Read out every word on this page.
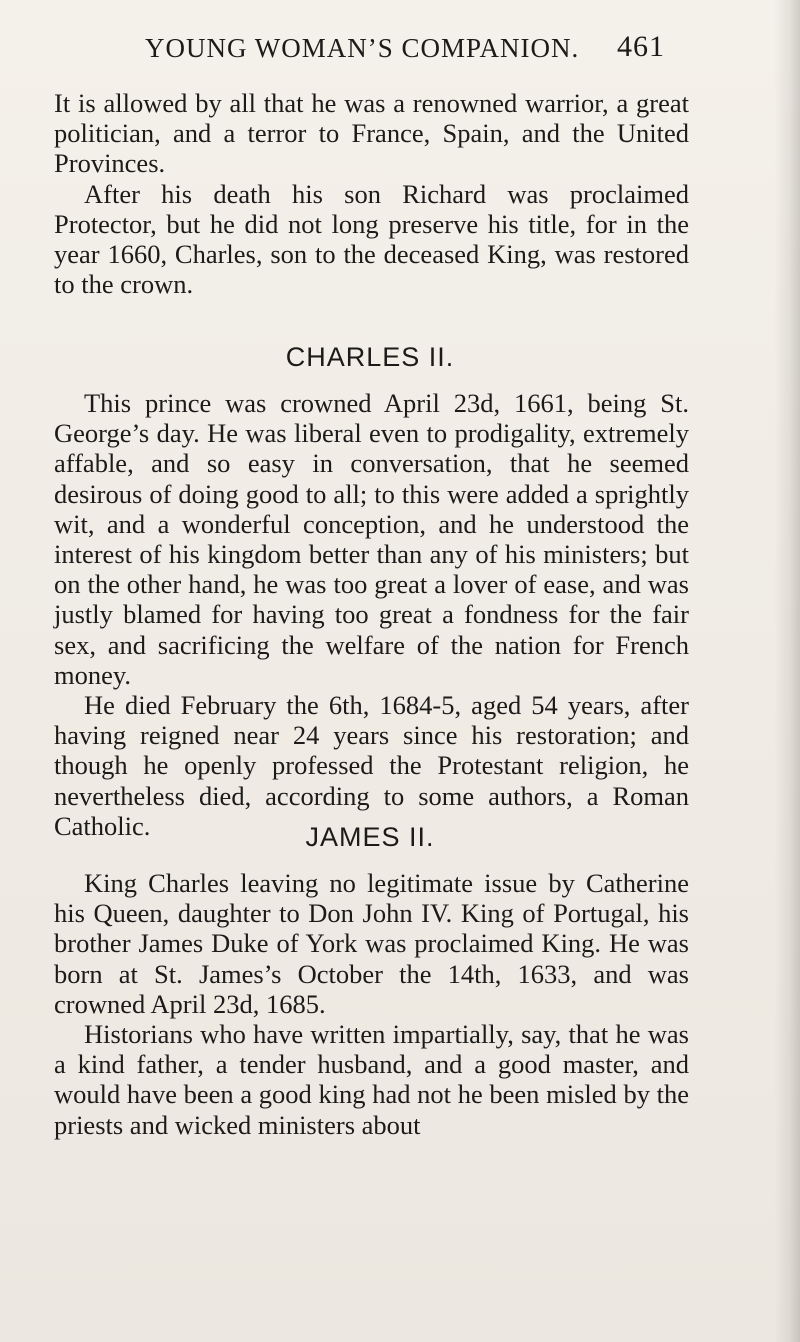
YOUNG WOMAN’S COMPANION. 461

It is allowed by all that he was a renowned warrior, a great politician, and a terror to France, Spain, and the United Provinces.

After his death his son Richard was proclaimed Protector, but he did not long preserve his title, for in the year 1660, Charles, son to the deceased King, was restored to the crown.

CHARLES II.

This prince was crowned April 23d, 1661, being St. George’s day. He was liberal even to prodigality, extremely affable, and so easy in conversation, that he seemed desirous of doing good to all; to this were added a sprightly wit, and a wonderful conception, and he understood the interest of his kingdom better than any of his ministers; but on the other hand, he was too great a lover of ease, and was justly blamed for having too great a fondness for the fair sex, and sacrificing the welfare of the nation for French money.

He died February the 6th, 1684-5, aged 54 years, after having reigned near 24 years since his restoration; and though he openly professed the Protestant religion, he nevertheless died, according to some authors, a Roman Catholic.	JAMES II.

King Charles leaving no legitimate issue by Catherine his Queen, daughter to Don John IV. King of Portugal, his brother James Duke of York was proclaimed King. He was born at St. James’s October the 14th, 1633, and was crowned April 23d, 1685.

Historians who have written impartially, say, that he was a kind father, a tender husband, and a good master, and would have been a good king had not he been misled by the priests and wicked ministers about
